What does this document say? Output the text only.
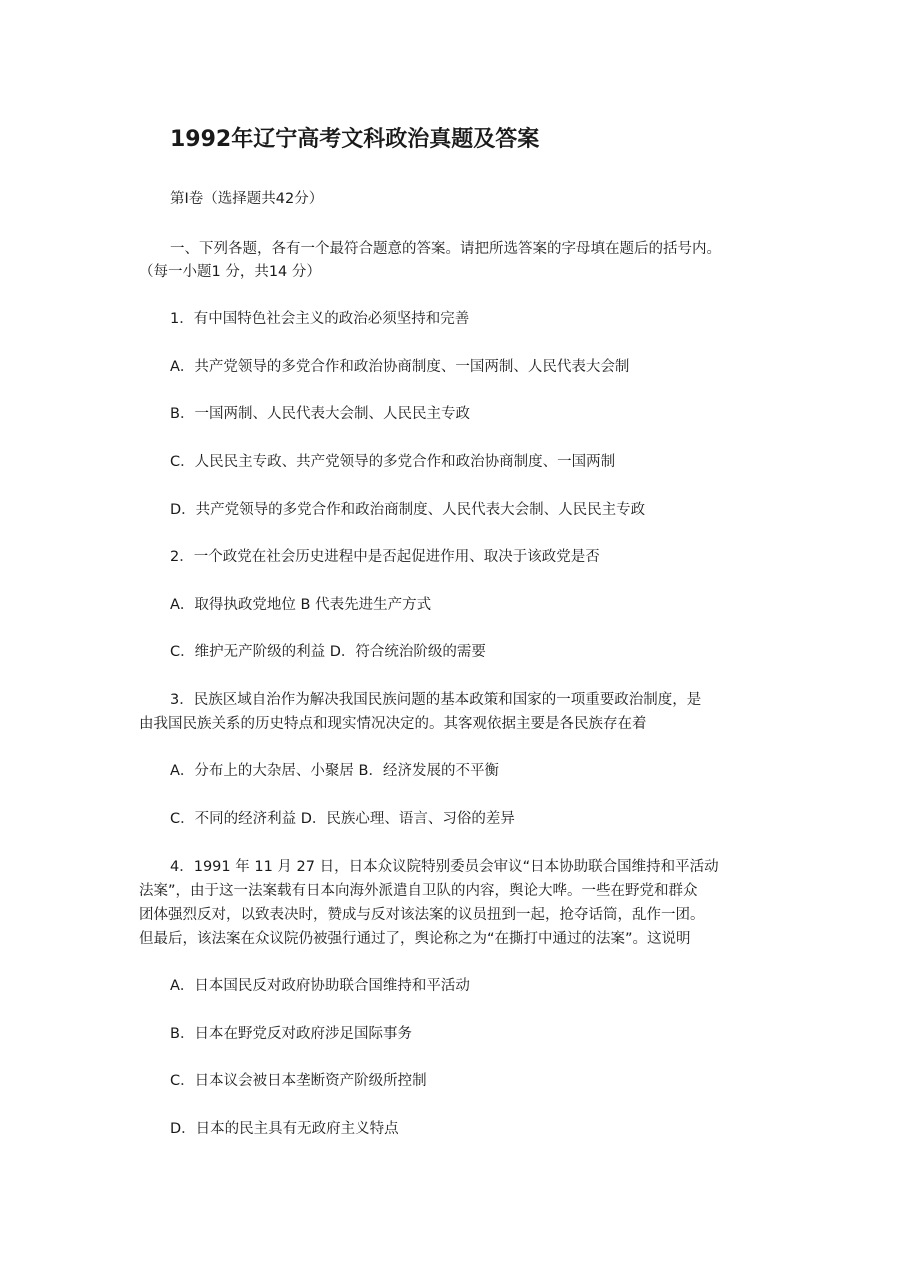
1992年辽宁高考文科政治真题及答案
第I卷（选择题共42分）
一、下列各题，各有一个最符合题意的答案。请把所选答案的字母填在题后的括号内。
（每一小题1 分，共14 分）
1．有中国特色社会主义的政治必须坚持和完善
A．共产党领导的多党合作和政治协商制度、一国两制、人民代表大会制
B．一国两制、人民代表大会制、人民民主专政
C．人民民主专政、共产党领导的多党合作和政治协商制度、一国两制
D．共产党领导的多党合作和政治商制度、人民代表大会制、人民民主专政
2．一个政党在社会历史进程中是否起促进作用、取决于该政党是否
A．取得执政党地位 B 代表先进生产方式
C．维护无产阶级的利益 D．符合统治阶级的需要
3．民族区域自治作为解决我国民族问题的基本政策和国家的一项重要政治制度，是
由我国民族关系的历史特点和现实情况决定的。其客观依据主要是各民族存在着
A．分布上的大杂居、小聚居 B．经济发展的不平衡
C．不同的经济利益 D．民族心理、语言、习俗的差异
4．1991 年 11 月 27 日，日本众议院特别委员会审议“日本协助联合国维持和平活动
法案”，由于这一法案载有日本向海外派遣自卫队的内容，舆论大哗。一些在野党和群众
团体强烈反对，以致表决时，赞成与反对该法案的议员扭到一起，抢夺话筒，乱作一团。
但最后，该法案在众议院仍被强行通过了，舆论称之为“在撕打中通过的法案”。这说明
A．日本国民反对政府协助联合国维持和平活动
B．日本在野党反对政府涉足国际事务
C．日本议会被日本垄断资产阶级所控制
D．日本的民主具有无政府主义特点
